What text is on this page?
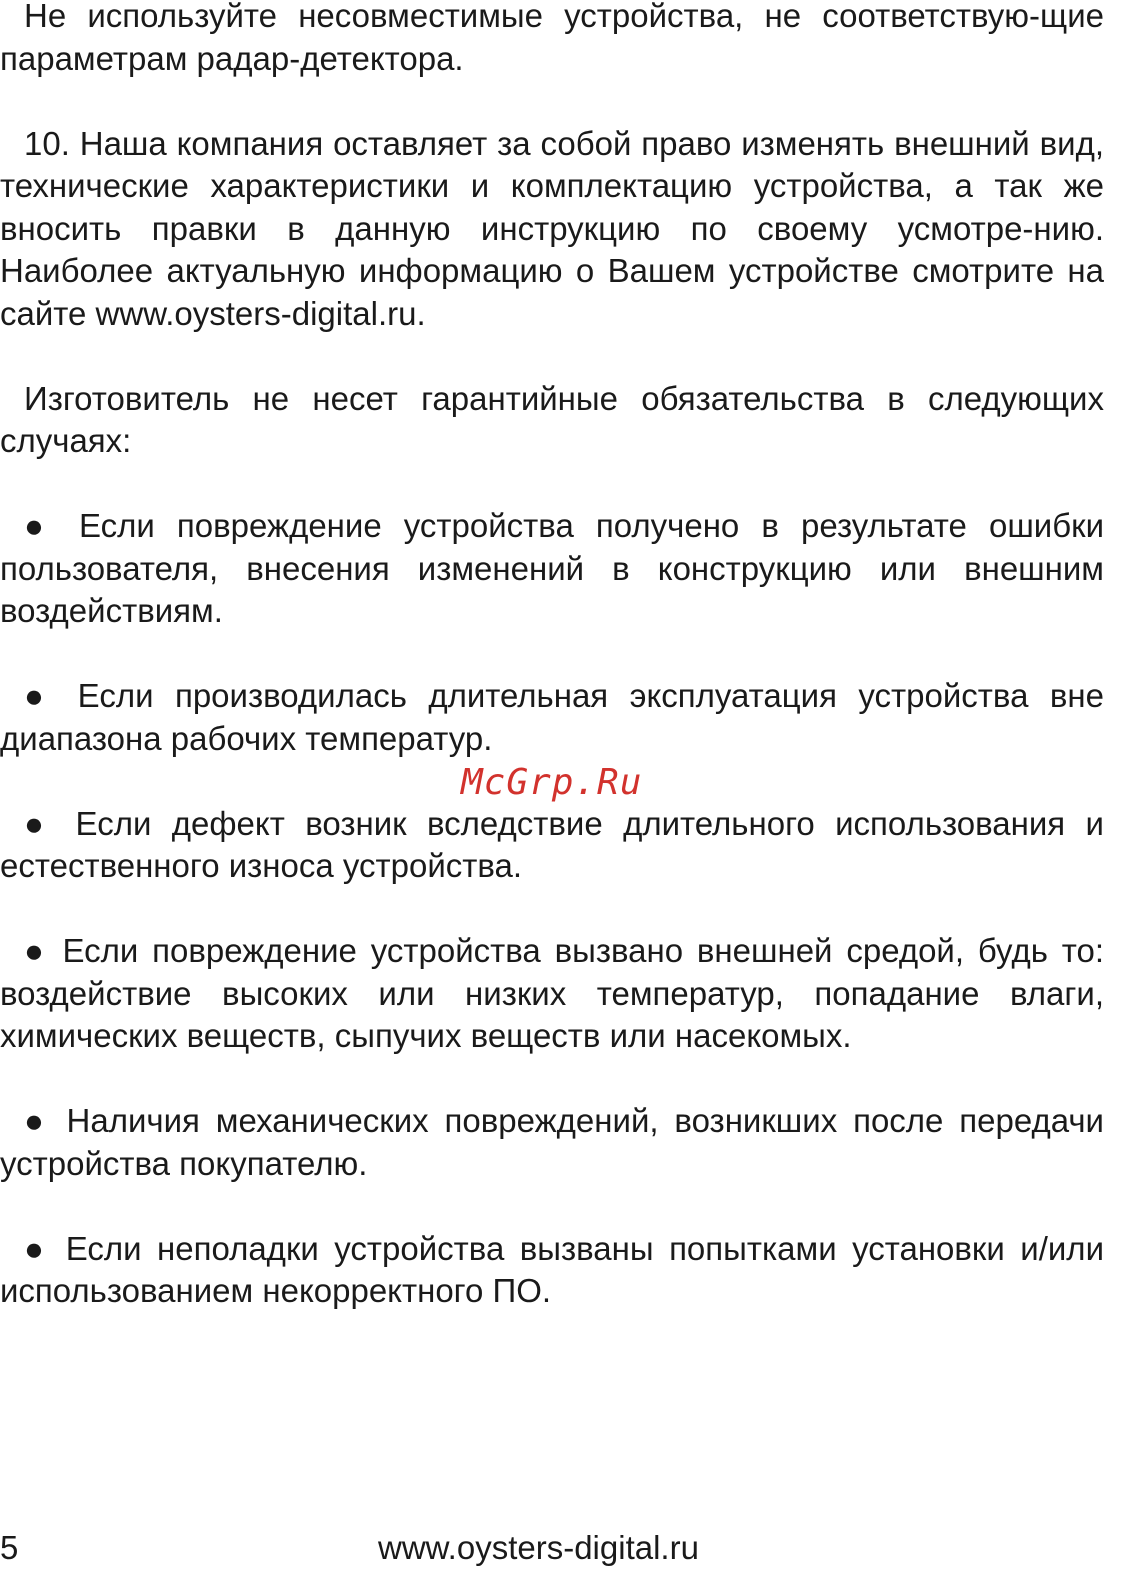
Не используйте несовместимые устройства, не соответствую-щие параметрам радар-детектора.

10. Наша компания оставляет за собой право изменять внешний вид, технические характеристики и комплектацию устройства, а так же вносить правки в данную инструкцию по своему усмотре-нию. Наиболее актуальную информацию о Вашем устройстве смотрите на сайте www.oysters-digital.ru.

Изготовитель не несет гарантийные обязательства в следующих случаях:

● Если повреждение устройства получено в результате ошибки пользователя, внесения изменений в конструкцию или внешним воздействиям.

● Если производилась длительная эксплуатация устройства вне диапазона рабочих температур.

● Если дефект возник вследствие длительного использования и естественного износа устройства.

● Если повреждение устройства вызвано внешней средой, будь то: воздействие высоких или низких температур, попадание влаги, химических веществ, сыпучих веществ или насекомых.

● Наличия механических повреждений, возникших после передачи устройства покупателю.

● Если неполадки устройства вызваны попытками установки и/или использованием некорректного ПО.

McGrp.Ru
5	www.oysters-digital.ru
